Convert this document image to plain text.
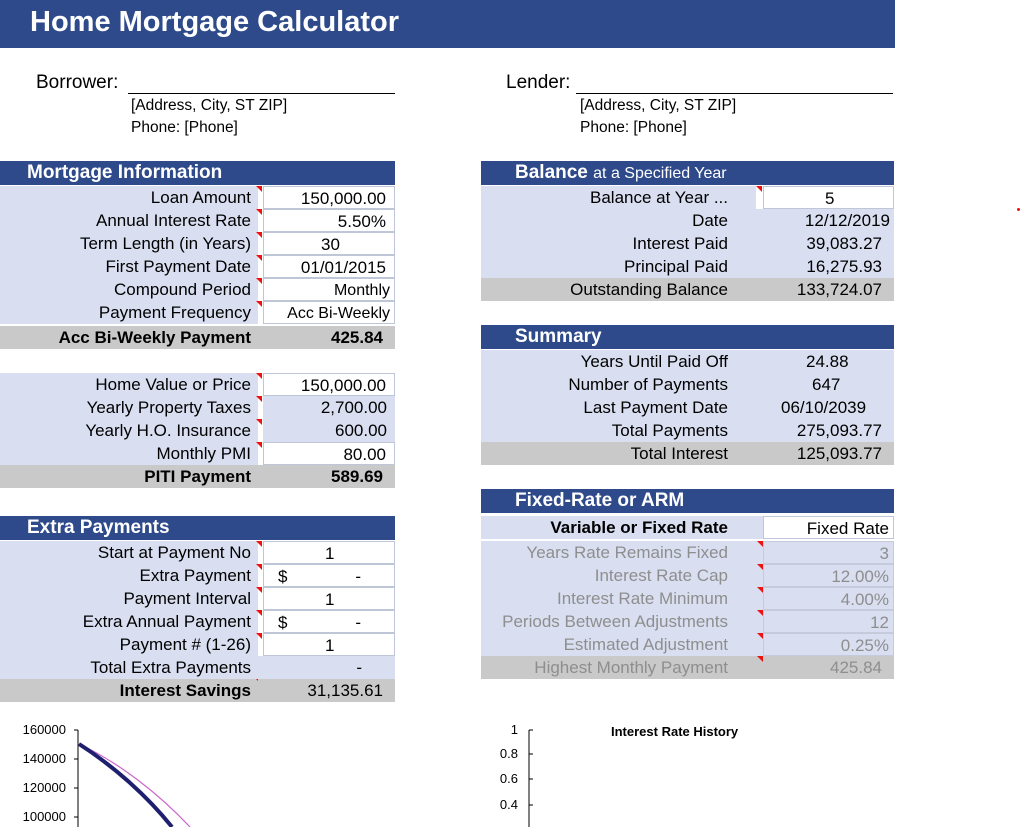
Home Mortgage Calculator
Borrower:
[Address, City, ST ZIP]
Phone: [Phone]
Lender:
[Address, City, ST ZIP]
Phone: [Phone]
Mortgage Information
Loan Amount	150,000.00
Annual Interest Rate	5.50%
Term Length (in Years)	30
First Payment Date	01/01/2015
Compound Period	Monthly
Payment Frequency	Acc Bi-Weekly
Acc Bi-Weekly Payment	425.84
Home Value or Price	150,000.00
Yearly Property Taxes	2,700.00
Yearly H.O. Insurance	600.00
Monthly PMI	80.00
PITI Payment	589.69
Extra Payments
Start at Payment No	1
Extra Payment	$	-
Payment Interval	1
Extra Annual Payment	$	-
Payment # (1-26)	1
Total Extra Payments	-
Interest Savings	31,135.61
Balance at a Specified Year
Balance at Year ...	5
Date	12/12/2019
Interest Paid	39,083.27
Principal Paid	16,275.93
Outstanding Balance	133,724.07
Summary
Years Until Paid Off	24.88
Number of Payments	647
Last Payment Date	06/10/2039
Total Payments	275,093.77
Total Interest	125,093.77
Fixed-Rate or ARM
Variable or Fixed Rate	Fixed Rate
Years Rate Remains Fixed	3
Interest Rate Cap	12.00%
Interest Rate Minimum	4.00%
Periods Between Adjustments	12
Estimated Adjustment	0.25%
Highest Monthly Payment	425.84
160000
140000
120000
100000
1
0.8
0.6
0.4
Interest Rate History
